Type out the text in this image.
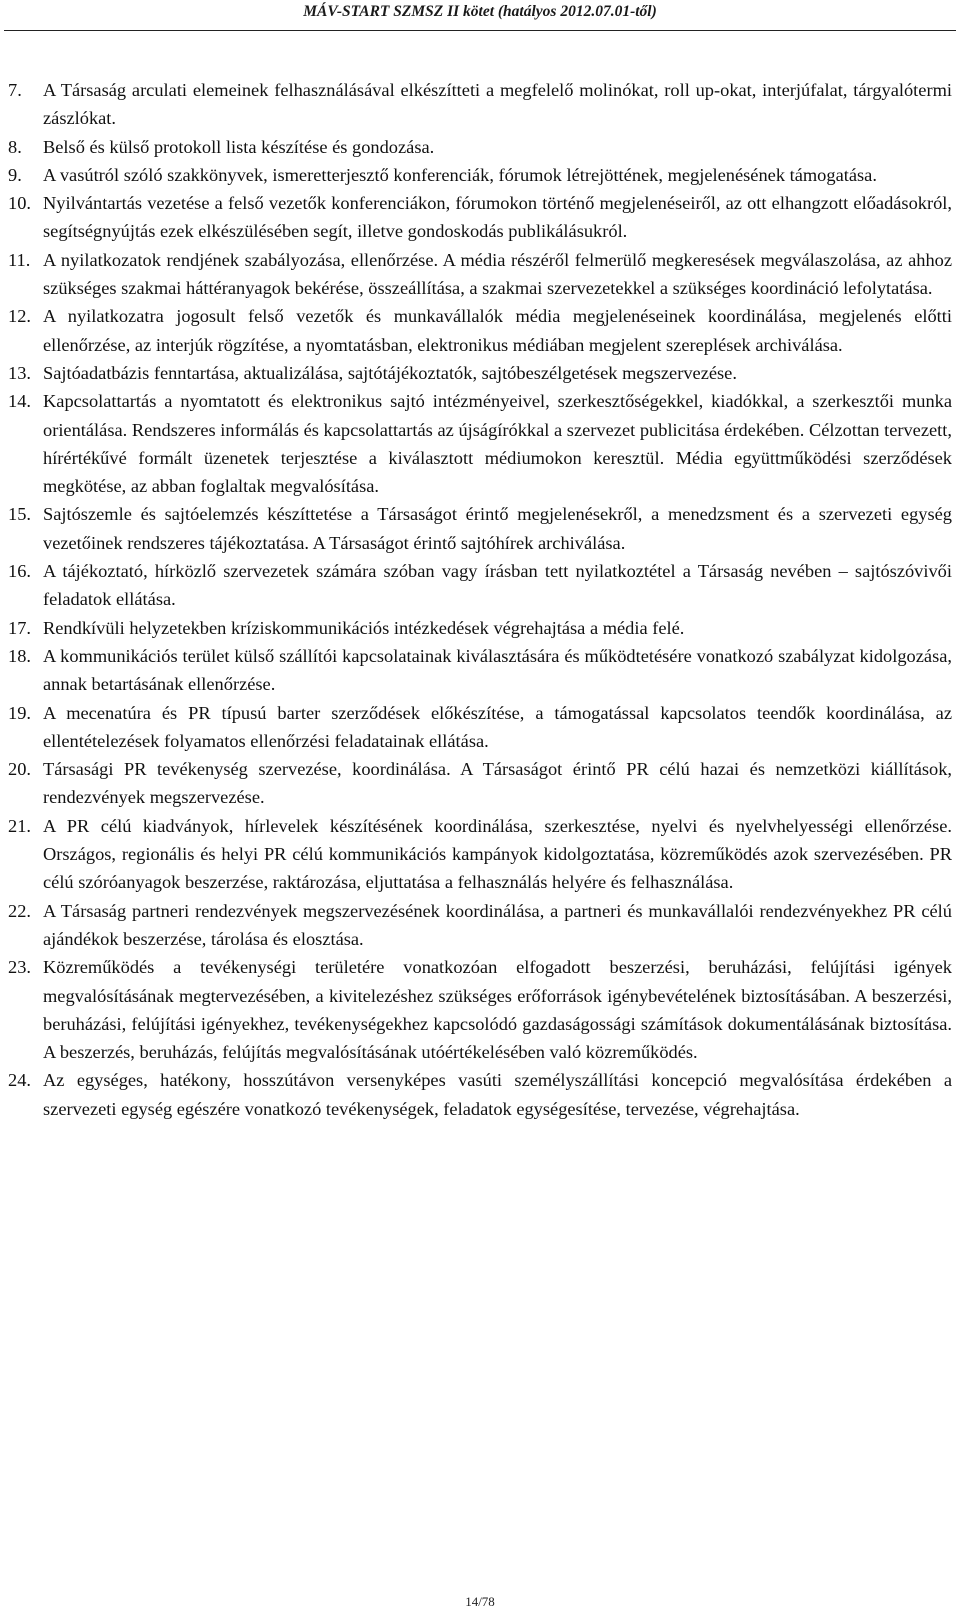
MÁV-START SZMSZ II kötet (hatályos 2012.07.01-től)
7. A Társaság arculati elemeinek felhasználásával elkészítteti a megfelelő molinókat, roll up-okat, interjúfalat, tárgyalótermi zászlókat.
8. Belső és külső protokoll lista készítése és gondozása.
9. A vasútról szóló szakkönyvek, ismeretterjesztő konferenciák, fórumok létrejöttének, megjelenésének támogatása.
10. Nyilvántartás vezetése a felső vezetők konferenciákon, fórumokon történő megjelenéseiről, az ott elhangzott előadásokról, segítségnyújtás ezek elkészülésében segít, illetve gondoskodás publikálásukról.
11. A nyilatkozatok rendjének szabályozása, ellenőrzése. A média részéről felmerülő megkeresések megválaszolása, az ahhoz szükséges szakmai háttéranyagok bekérése, összeállítása, a szakmai szervezetekkel a szükséges koordináció lefolytatása.
12. A nyilatkozatra jogosult felső vezetők és munkavállalók média megjelenéseinek koordinálása, megjelenés előtti ellenőrzése, az interjúk rögzítése, a nyomtatásban, elektronikus médiában megjelent szereplések archiválása.
13. Sajtóadatbázis fenntartása, aktualizálása, sajtótájékoztatók, sajtóbeszélgetések megszervezése.
14. Kapcsolattartás a nyomtatott és elektronikus sajtó intézményeivel, szerkesztőségekkel, kiadókkal, a szerkesztői munka orientálása. Rendszeres informálás és kapcsolattartás az újságírókkal a szervezet publicitása érdekében. Célzottan tervezett, hírértékűvé formált üzenetek terjesztése a kiválasztott médiumokon keresztül. Média együttműködési szerződések megkötése, az abban foglaltak megvalósítása.
15. Sajtószemle és sajtóelemzés készíttetése a Társaságot érintő megjelenésekről, a menedzsment és a szervezeti egység vezetőinek rendszeres tájékoztatása. A Társaságot érintő sajtóhírek archiválása.
16. A tájékoztató, hírközlő szervezetek számára szóban vagy írásban tett nyilatkoztétel a Társaság nevében – sajtószóvivői feladatok ellátása.
17. Rendkívüli helyzetekben kríziskommunikációs intézkedések végrehajtása a média felé.
18. A kommunikációs terület külső szállítói kapcsolatainak kiválasztására és működtetésére vonatkozó szabályzat kidolgozása, annak betartásának ellenőrzése.
19. A mecenatúra és PR típusú barter szerződések előkészítése, a támogatással kapcsolatos teendők koordinálása, az ellentételezések folyamatos ellenőrzési feladatainak ellátása.
20. Társasági PR tevékenység szervezése, koordinálása. A Társaságot érintő PR célú hazai és nemzetközi kiállítások, rendezvények megszervezése.
21. A PR célú kiadványok, hírlevelek készítésének koordinálása, szerkesztése, nyelvi és nyelvhelyességi ellenőrzése. Országos, regionális és helyi PR célú kommunikációs kampányok kidolgoztatása, közreműködés azok szervezésében. PR célú szóróanyagok beszerzése, raktározása, eljuttatása a felhasználás helyére és felhasználása.
22. A Társaság partneri rendezvények megszervezésének koordinálása, a partneri és munkavállalói rendezvényekhez PR célú ajándékok beszerzése, tárolása és elosztása.
23. Közreműködés a tevékenységi területére vonatkozóan elfogadott beszerzési, beruházási, felújítási igények megvalósításának megtervezésében, a kivitelezéshez szükséges erőforrások igénybevételének biztosításában. A beszerzési, beruházási, felújítási igényekhez, tevékenységekhez kapcsolódó gazdaságossági számítások dokumentálásának biztosítása. A beszerzés, beruházás, felújítás megvalósításának utóértékelésében való közreműködés.
24. Az egységes, hatékony, hosszútávon versenyképes vasúti személyszállítási koncepció megvalósítása érdekében a szervezeti egység egészére vonatkozó tevékenységek, feladatok egységesítése, tervezése, végrehajtása.
14/78
